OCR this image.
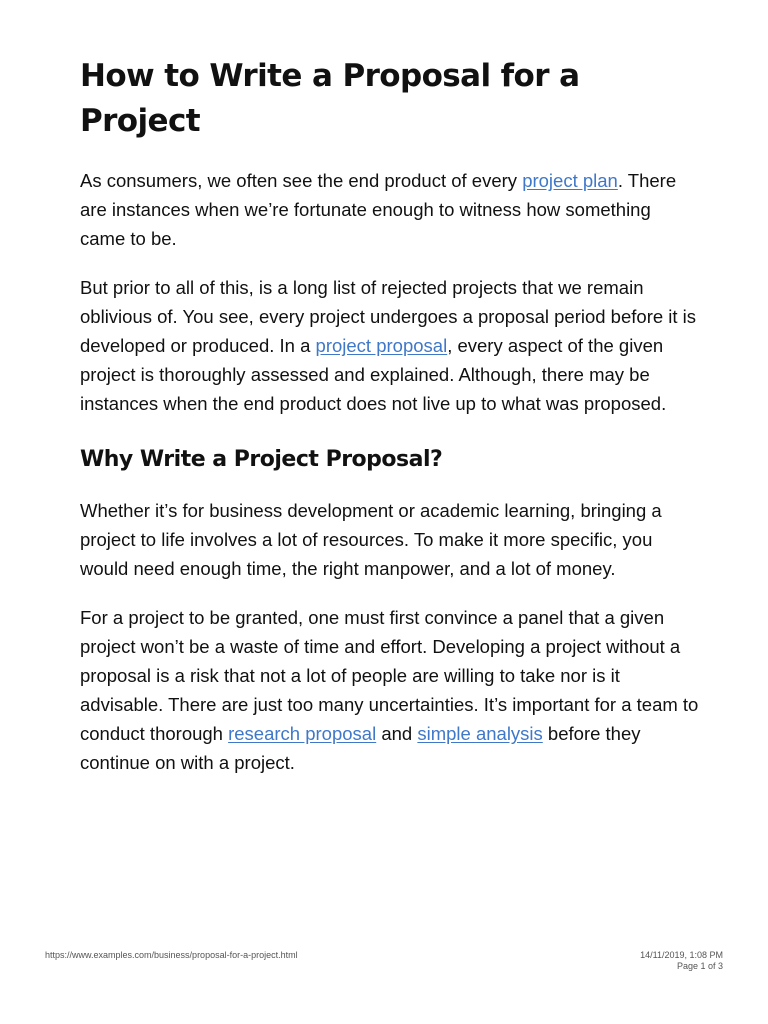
How to Write a Proposal for a Project

As consumers, we often see the end product of every project plan. There are instances when we’re fortunate enough to witness how something came to be.

But prior to all of this, is a long list of rejected projects that we remain oblivious of. You see, every project undergoes a proposal period before it is developed or produced. In a project proposal, every aspect of the given project is thoroughly assessed and explained. Although, there may be instances when the end product does not live up to what was proposed.

Why Write a Project Proposal?

Whether it’s for business development or academic learning, bringing a project to life involves a lot of resources. To make it more specific, you would need enough time, the right manpower, and a lot of money.

For a project to be granted, one must first convince a panel that a given project won’t be a waste of time and effort. Developing a project without a proposal is a risk that not a lot of people are willing to take nor is it advisable. There are just too many uncertainties. It’s important for a team to conduct thorough research proposal and simple analysis before they continue on with a project.

https://www.examples.com/business/proposal-for-a-project.html	14/11/2019, 1:08 PM
Page 1 of 3
